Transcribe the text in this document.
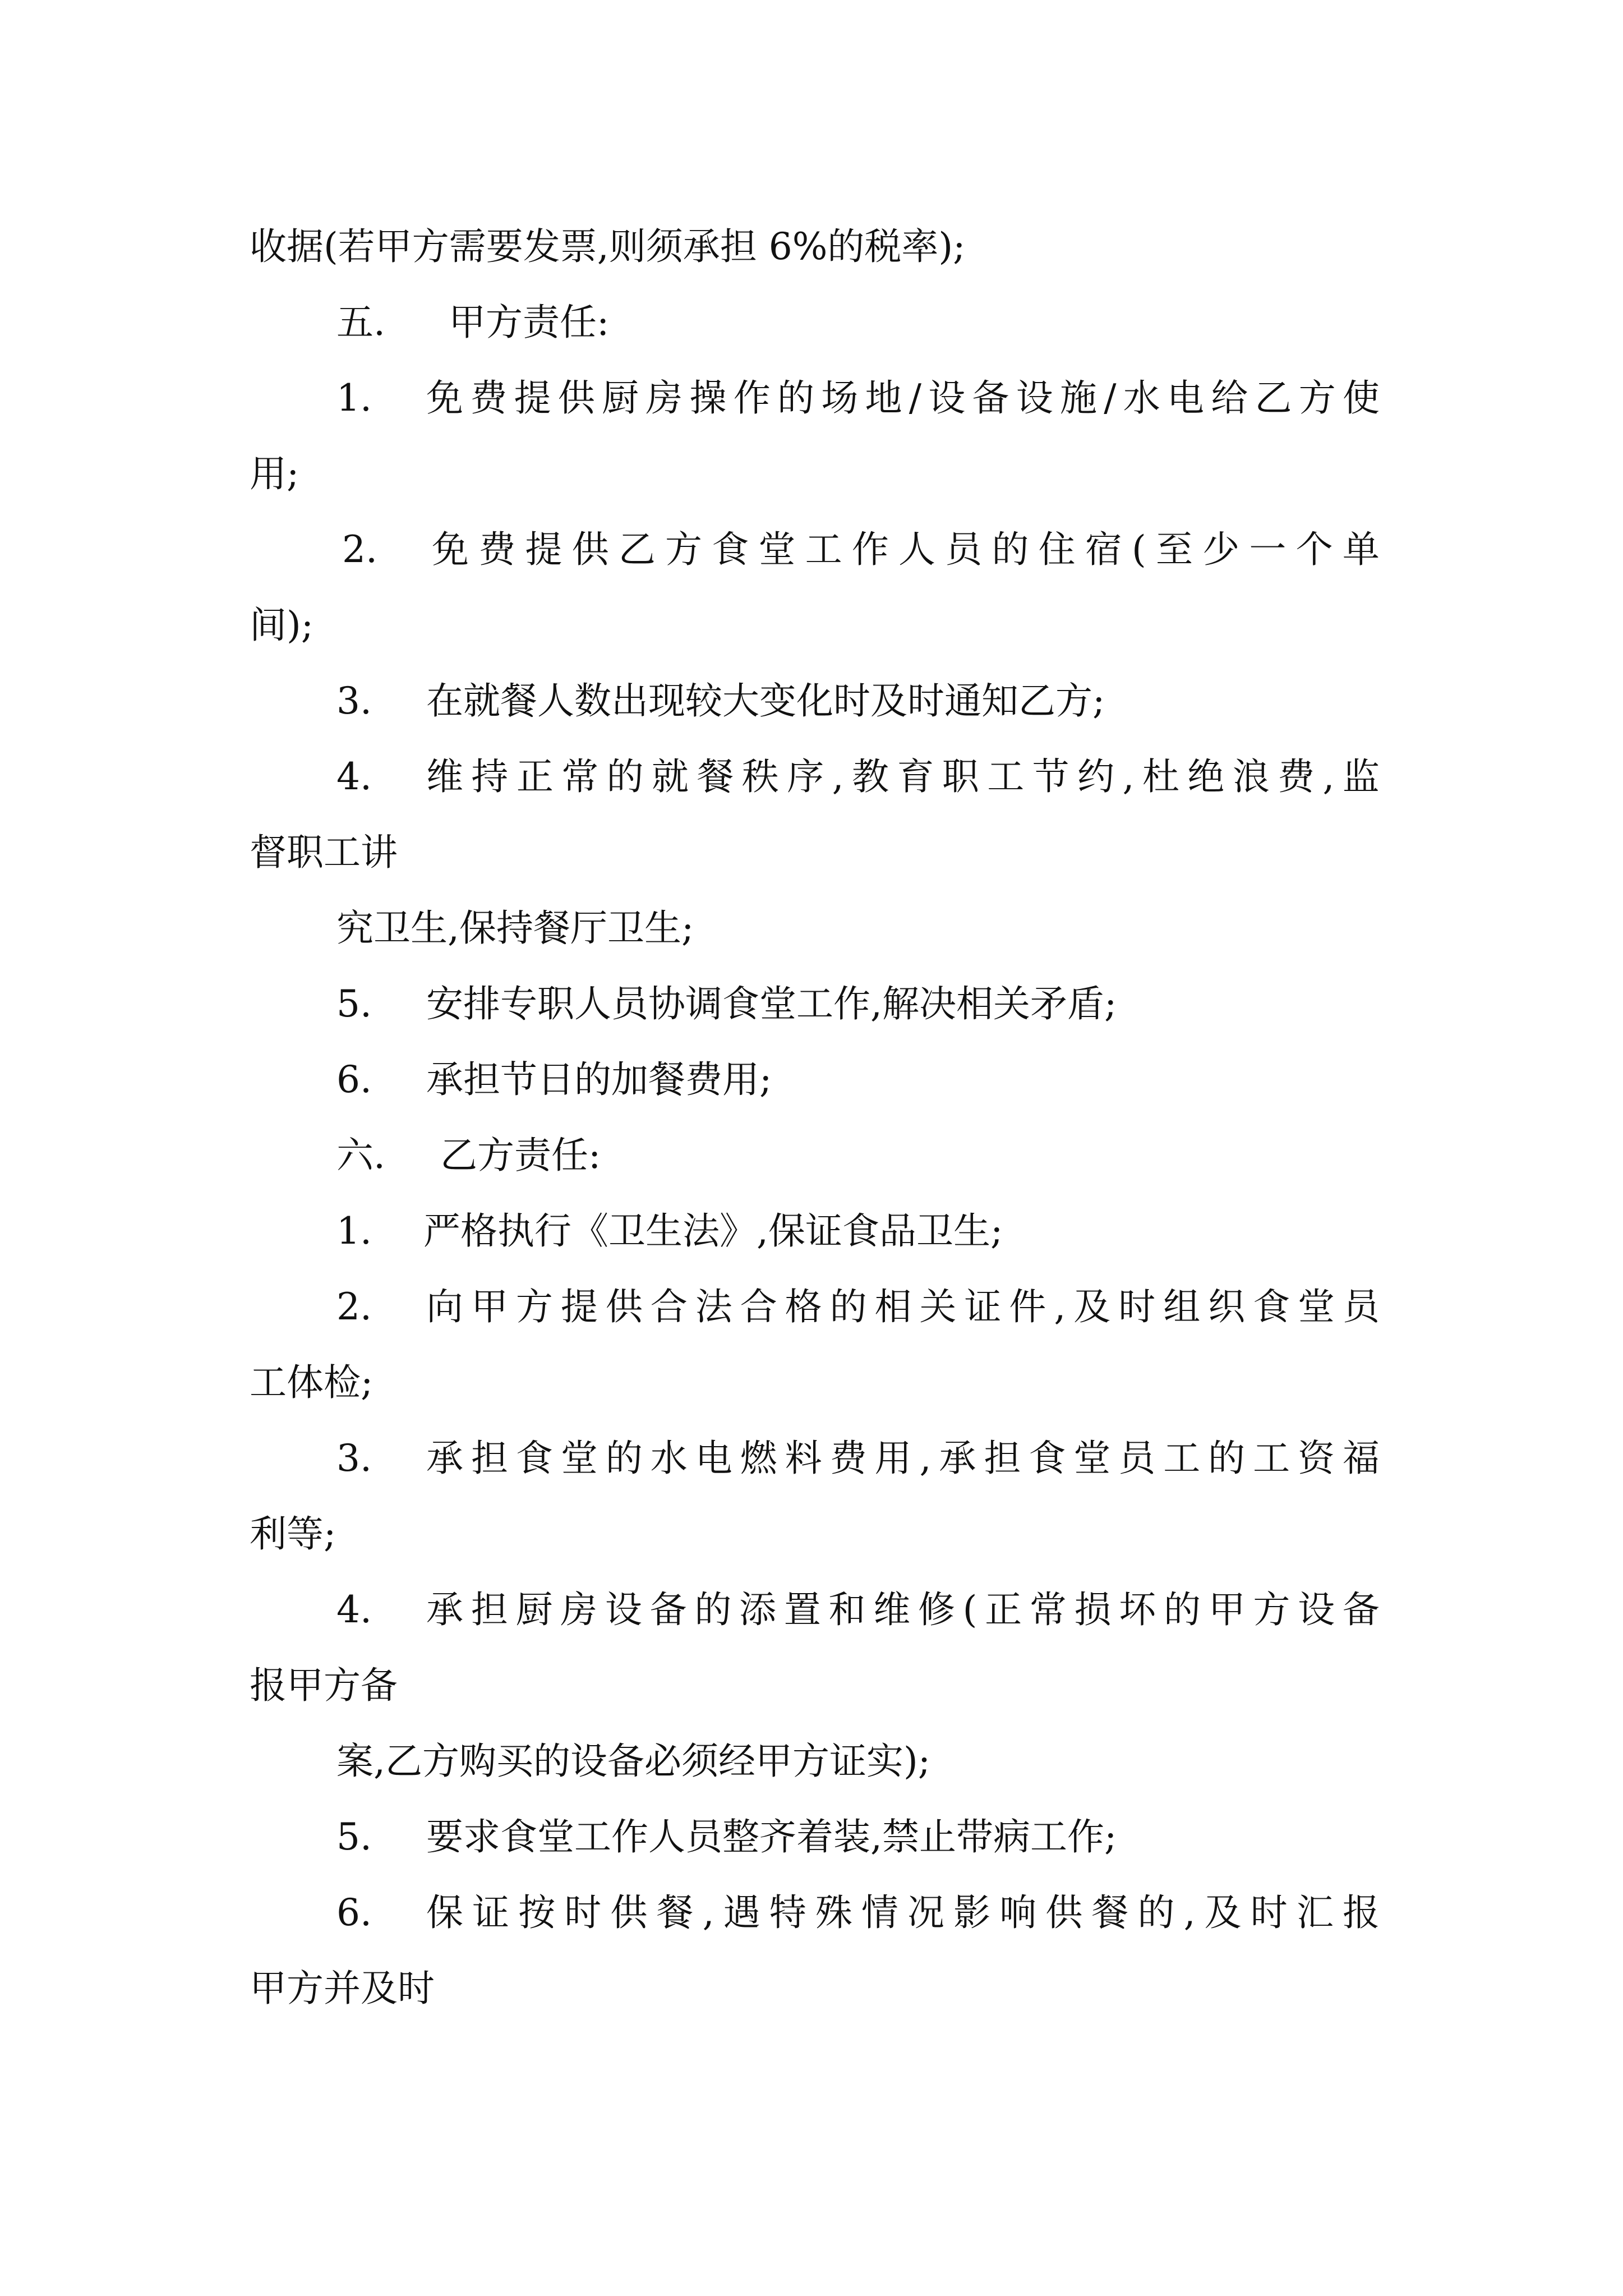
收据(若甲方需要发票,则须承担 6%的税率);
五. 甲方责任:
1. 免 费 提 供 厨 房 操 作 的 场 地 / 设 备 设 施 / 水 电 给 乙 方 使
用;
2. 免 费 提 供 乙 方 食 堂 工 作 人 员 的 住 宿 ( 至 少 一 个 单
间);
3. 在就餐人数出现较大变化时及时通知乙方;
4. 维 持 正 常 的 就 餐 秩 序 , 教 育 职 工 节 约 , 杜 绝 浪 费 , 监
督职工讲
究卫生,保持餐厅卫生;
5. 安排专职人员协调食堂工作,解决相关矛盾;
6. 承担节日的加餐费用;
六. 乙方责任:
1. 严格执行《卫生法》,保证食品卫生;
2. 向 甲 方 提 供 合 法 合 格 的 相 关 证 件 , 及 时 组 织 食 堂 员
工体检;
3. 承 担 食 堂 的 水 电 燃 料 费 用 , 承 担 食 堂 员 工 的 工 资 福
利等;
4. 承 担 厨 房 设 备 的 添 置 和 维 修 ( 正 常 损 坏 的 甲 方 设 备
报甲方备
案,乙方购买的设备必须经甲方证实);
5. 要求食堂工作人员整齐着装,禁止带病工作;
6. 保 证 按 时 供 餐 , 遇 特 殊 情 况 影 响 供 餐 的 , 及 时 汇 报
甲方并及时
